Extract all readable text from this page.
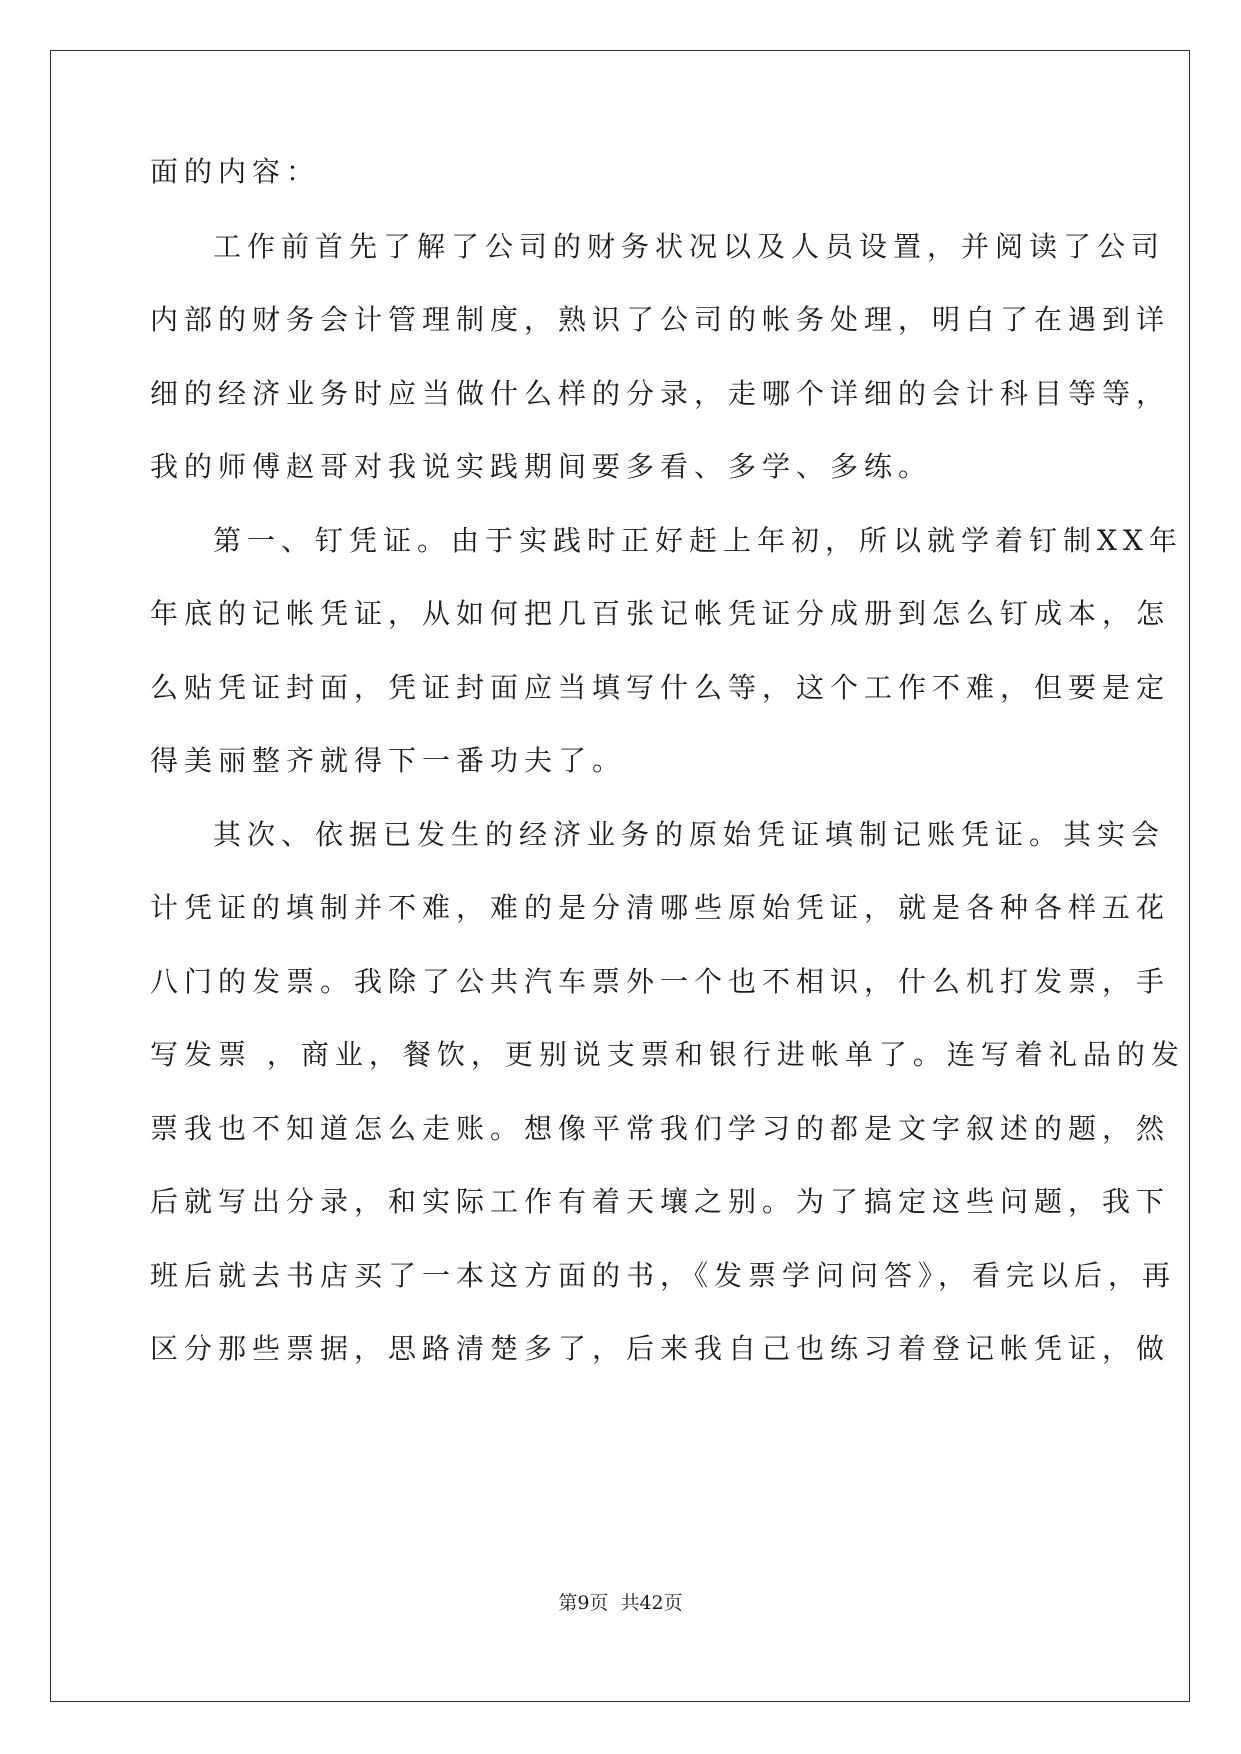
面的内容：
工作前首先了解了公司的财务状况以及人员设置，并阅读了公司
内部的财务会计管理制度，熟识了公司的帐务处理，明白了在遇到详
细的经济业务时应当做什么样的分录，走哪个详细的会计科目等等，
我的师傅赵哥对我说实践期间要多看、多学、多练。
第一、钉凭证。由于实践时正好赶上年初，所以就学着钉制XX年
年底的记帐凭证，从如何把几百张记帐凭证分成册到怎么钉成本，怎
么贴凭证封面，凭证封面应当填写什么等，这个工作不难，但要是定
得美丽整齐就得下一番功夫了。
其次、依据已发生的经济业务的原始凭证填制记账凭证。其实会
计凭证的填制并不难，难的是分清哪些原始凭证，就是各种各样五花
八门的发票。我除了公共汽车票外一个也不相识，什么机打发票，手
写发票 ，商业，餐饮，更别说支票和银行进帐单了。连写着礼品的发
票我也不知道怎么走账。想像平常我们学习的都是文字叙述的题，然
后就写出分录，和实际工作有着天壤之别。为了搞定这些问题，我下
班后就去书店买了一本这方面的书，《发票学问问答》，看完以后，再
区分那些票据，思路清楚多了，后来我自己也练习着登记帐凭证，做
第9页 共42页
